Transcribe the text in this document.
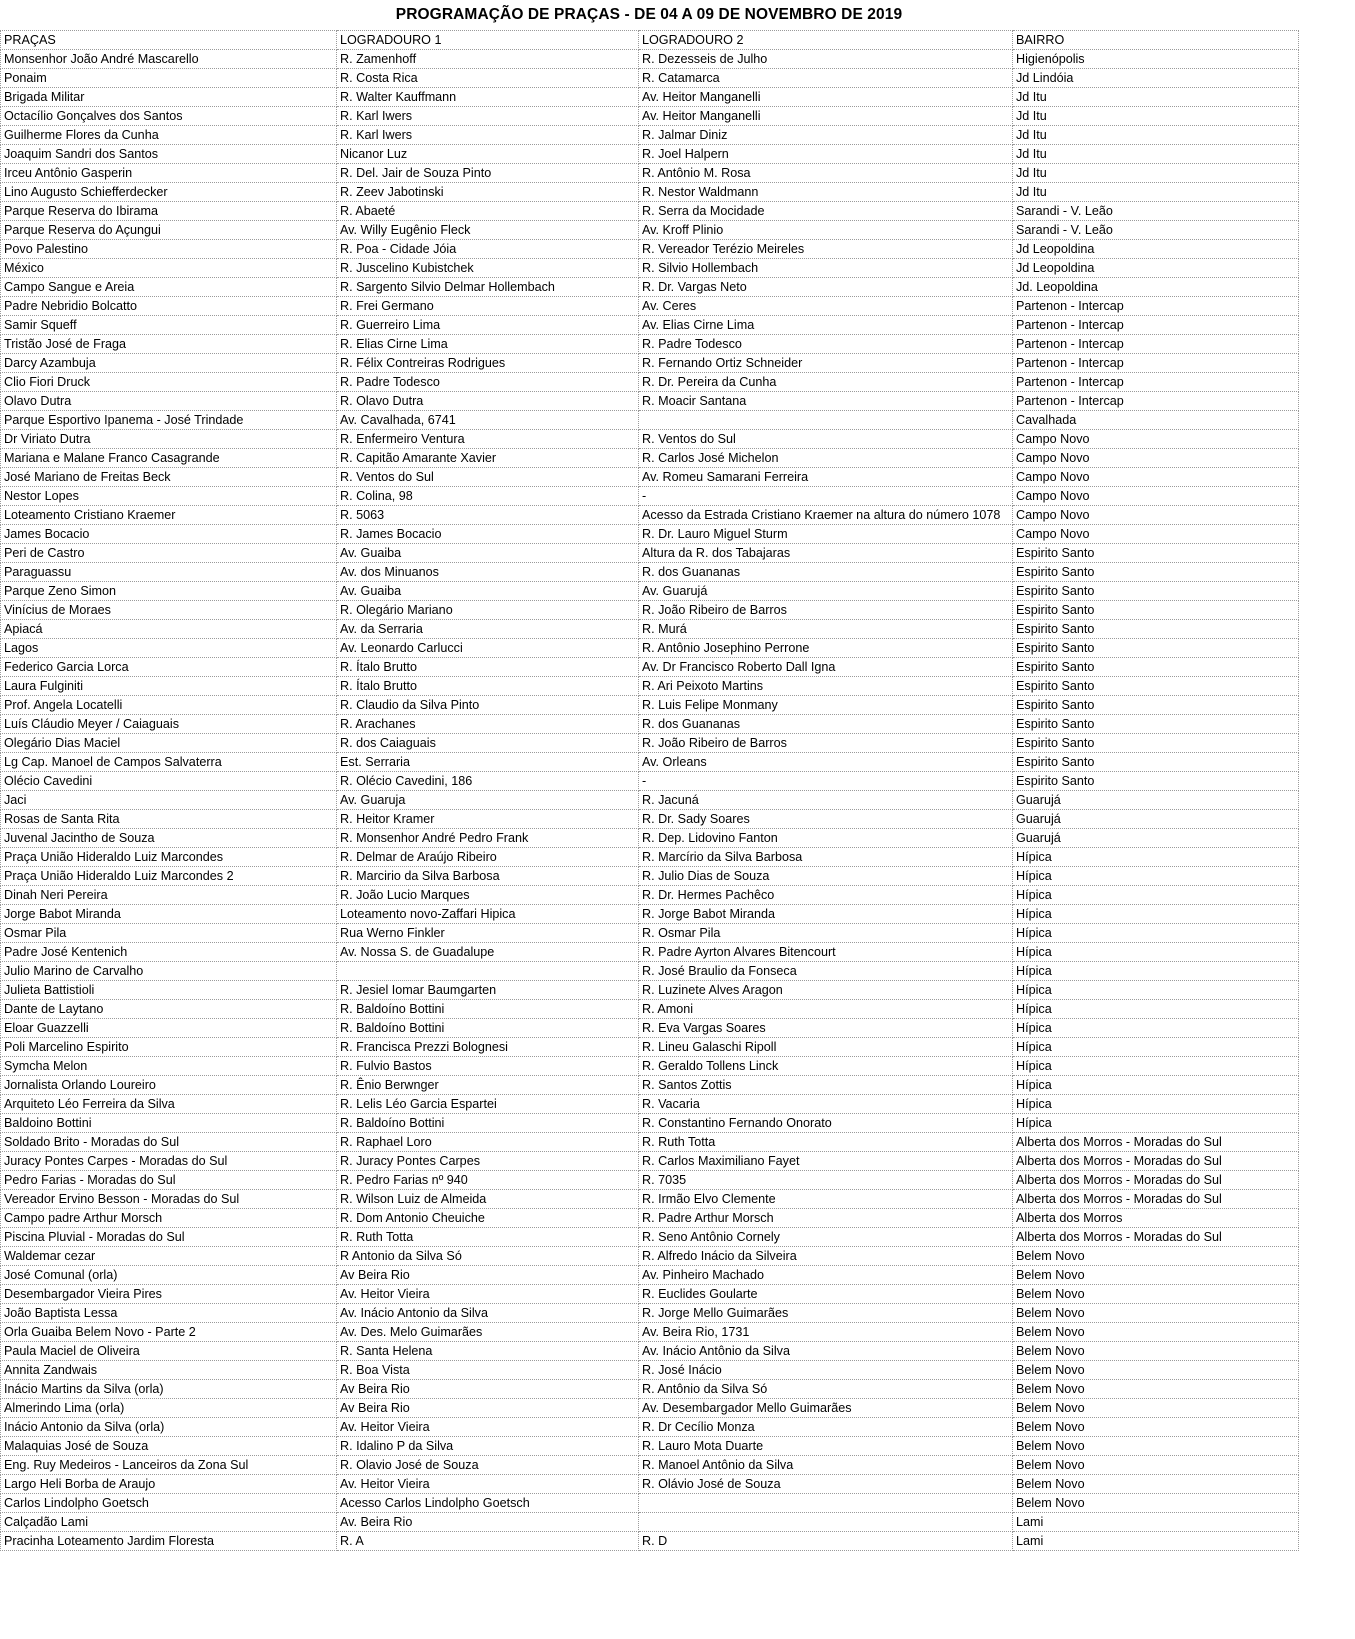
PROGRAMAÇÃO DE PRAÇAS - DE 04 A 09 DE NOVEMBRO DE 2019
PRAÇAS	LOGRADOURO 1	LOGRADOURO 2	BAIRRO
Monsenhor João André Mascarello	R. Zamenhoff	R. Dezesseis de Julho	Higienópolis
Ponaim	R. Costa Rica	R. Catamarca	Jd Lindóia
Brigada Militar	R. Walter Kauffmann	Av. Heitor Manganelli	Jd Itu
Octacílio Gonçalves dos Santos	R. Karl Iwers	Av. Heitor Manganelli	Jd Itu
Guilherme Flores da Cunha	R. Karl Iwers	R. Jalmar Diniz	Jd Itu
Joaquim Sandri dos Santos	Nicanor Luz	R. Joel Halpern	Jd Itu
Irceu Antônio Gasperin	R. Del. Jair de Souza Pinto	R. Antônio M. Rosa	Jd Itu
Lino Augusto Schiefferdecker	R. Zeev Jabotinski	R. Nestor Waldmann	Jd Itu
Parque Reserva do Ibirama	R. Abaeté	R. Serra da Mocidade	Sarandi - V. Leão
Parque Reserva do Açungui	Av. Willy Eugênio Fleck	Av. Kroff Plinio	Sarandi - V. Leão
Povo Palestino	R. Poa - Cidade Jóia	R. Vereador Terézio Meireles	Jd Leopoldina
México	R. Juscelino Kubistchek	R. Silvio Hollembach	Jd Leopoldina
Campo Sangue e Areia	R. Sargento Silvio Delmar Hollembach	R. Dr. Vargas Neto	Jd. Leopoldina
Padre Nebridio Bolcatto	R. Frei Germano	Av. Ceres	Partenon - Intercap
Samir Squeff	R. Guerreiro Lima	Av. Elias Cirne Lima	Partenon - Intercap
Tristão José de Fraga	R. Elias Cirne Lima	R. Padre Todesco	Partenon - Intercap
Darcy Azambuja	R. Félix Contreiras Rodrigues	R. Fernando Ortiz Schneider	Partenon - Intercap
Clio Fiori Druck	R. Padre Todesco	R. Dr. Pereira da Cunha	Partenon - Intercap
Olavo Dutra	R. Olavo Dutra	R. Moacir Santana	Partenon - Intercap
Parque Esportivo Ipanema - José Trindade	Av. Cavalhada, 6741		Cavalhada
Dr Viriato Dutra	R. Enfermeiro Ventura	R. Ventos do Sul	Campo Novo
Mariana e Malane Franco Casagrande	R. Capitão Amarante Xavier	R. Carlos José Michelon	Campo Novo
José Mariano de Freitas Beck	R. Ventos do Sul	Av. Romeu Samarani Ferreira	Campo Novo
Nestor Lopes	R. Colina, 98	-	Campo Novo
Loteamento Cristiano Kraemer	R. 5063	Acesso da Estrada Cristiano Kraemer na altura do número 1078	Campo Novo
James Bocacio	R. James Bocacio	R. Dr. Lauro Miguel Sturm	Campo Novo
Peri de Castro	Av. Guaiba	Altura da R. dos Tabajaras	Espirito Santo
Paraguassu	Av. dos Minuanos	R. dos Guananas	Espirito Santo
Parque Zeno Simon	Av. Guaiba	Av. Guarujá	Espirito Santo
Vinícius de Moraes	R. Olegário Mariano	R. João Ribeiro de Barros	Espirito Santo
Apiacá	Av. da Serraria	R. Murá	Espirito Santo
Lagos	Av. Leonardo Carlucci	R. Antônio Josephino Perrone	Espirito Santo
Federico Garcia Lorca	R. Ítalo Brutto	Av. Dr Francisco Roberto Dall Igna	Espirito Santo
Laura Fulginiti	R. Ítalo Brutto	R. Ari Peixoto Martins	Espirito Santo
Prof. Angela Locatelli	R. Claudio da Silva Pinto	R. Luis Felipe Monmany	Espirito Santo
Luís Cláudio Meyer / Caiaguais	R. Arachanes	R. dos Guananas	Espirito Santo
Olegário Dias Maciel	R. dos Caiaguais	R. João Ribeiro de Barros	Espirito Santo
Lg Cap. Manoel de Campos Salvaterra	Est. Serraria	Av. Orleans	Espirito Santo
Olécio Cavedini	R. Olécio Cavedini, 186	-	Espirito Santo
Jaci	Av. Guaruja	R. Jacuná	Guarujá
Rosas de Santa Rita	R. Heitor Kramer	R. Dr. Sady Soares	Guarujá
Juvenal Jacintho de Souza	R. Monsenhor André Pedro Frank	R. Dep. Lidovino Fanton	Guarujá
Praça União Hideraldo Luiz Marcondes	R. Delmar de Araújo Ribeiro	R. Marcírio da Silva Barbosa	Hípica
Praça União Hideraldo Luiz Marcondes 2	R. Marcirio da Silva Barbosa	R. Julio Dias de Souza	Hípica
Dinah Neri Pereira	R. João Lucio Marques	R. Dr. Hermes Pachêco	Hípica
Jorge Babot Miranda	Loteamento novo-Zaffari Hipica	R. Jorge Babot Miranda	Hípica
Osmar Pila	Rua Werno Finkler	R. Osmar Pila	Hípica
Padre José Kentenich	Av. Nossa S. de Guadalupe	R. Padre Ayrton Alvares Bitencourt	Hípica
Julio Marino de Carvalho		R. José Braulio da Fonseca	Hípica
Julieta Battistioli	R. Jesiel Iomar Baumgarten	R. Luzinete Alves Aragon	Hípica
Dante de Laytano	R. Baldoíno Bottini	R. Amoni	Hípica
Eloar Guazzelli	R. Baldoíno Bottini	R. Eva Vargas Soares	Hípica
Poli Marcelino Espirito	R. Francisca Prezzi Bolognesi	R. Lineu Galaschi Ripoll	Hípica
Symcha Melon	R. Fulvio Bastos	R. Geraldo Tollens Linck	Hípica
Jornalista Orlando Loureiro	R. Ênio Berwnger	R. Santos Zottis	Hípica
Arquiteto Léo Ferreira da Silva	R. Lelis Léo Garcia Espartei	R. Vacaria	Hípica
Baldoino Bottini	R. Baldoíno Bottini	R. Constantino Fernando Onorato	Hípica
Soldado Brito - Moradas do Sul	R. Raphael Loro	R. Ruth Totta	Alberta dos Morros - Moradas do Sul
Juracy Pontes Carpes - Moradas do Sul	R. Juracy Pontes Carpes	R. Carlos Maximiliano Fayet	Alberta dos Morros - Moradas do Sul
Pedro Farias - Moradas do Sul	R. Pedro Farias nº 940	R. 7035	Alberta dos Morros - Moradas do Sul
Vereador Ervino Besson - Moradas do Sul	R. Wilson Luiz de Almeida	R. Irmão Elvo Clemente	Alberta dos Morros - Moradas do Sul
Campo padre Arthur Morsch	R. Dom Antonio Cheuiche	R. Padre Arthur Morsch	Alberta dos Morros
Piscina Pluvial - Moradas do Sul	R. Ruth Totta	R. Seno Antônio Cornely	Alberta dos Morros - Moradas do Sul
Waldemar cezar	R Antonio da Silva Só	R. Alfredo Inácio da Silveira	Belem Novo
José Comunal (orla)	Av Beira Rio	Av. Pinheiro Machado	Belem Novo
Desembargador Vieira Pires	Av. Heitor Vieira	R. Euclides Goularte	Belem Novo
João Baptista Lessa	Av. Inácio Antonio da Silva	R. Jorge Mello Guimarães	Belem Novo
Orla Guaiba Belem Novo - Parte 2	Av. Des. Melo Guimarães	Av. Beira Rio, 1731	Belem Novo
Paula Maciel de Oliveira	R. Santa Helena	Av. Inácio Antônio da Silva	Belem Novo
Annita Zandwais	R. Boa Vista	R. José Inácio	Belem Novo
Inácio Martins da Silva (orla)	Av Beira Rio	R. Antônio da Silva Só	Belem Novo
Almerindo Lima (orla)	Av Beira Rio	Av. Desembargador Mello Guimarães	Belem Novo
Inácio Antonio da Silva (orla)	Av. Heitor Vieira	R. Dr Cecílio Monza	Belem Novo
Malaquias José de Souza	R. Idalino P da Silva	R. Lauro Mota Duarte	Belem Novo
Eng. Ruy Medeiros - Lanceiros da Zona Sul	R. Olavio José de Souza	R. Manoel Antônio da Silva	Belem Novo
Largo Heli Borba de Araujo	Av. Heitor Vieira	R. Olávio José de Souza	Belem Novo
Carlos Lindolpho Goetsch	Acesso Carlos Lindolpho Goetsch		Belem Novo
Calçadão Lami	Av. Beira Rio		Lami
Pracinha Loteamento Jardim Floresta	R. A	R. D	Lami
